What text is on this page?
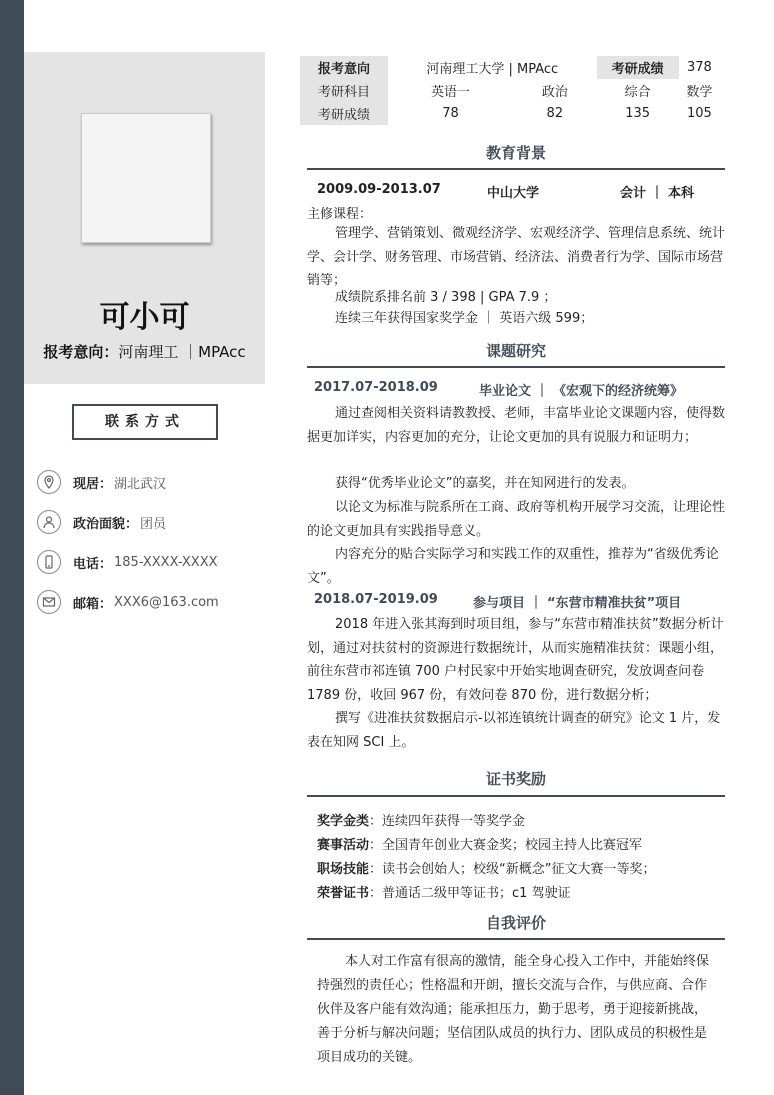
可小可
报考意向：河南理工 ｜MPAcc
联系方式
现居： 湖北武汉
政治面貌： 团员
电话： 185-XXXX-XXXX
邮箱： XXX6@163.com
报考意向	河南理工大学 | MPAcc		考研成绩	378
考研科目	英语一	政治	综合	数学
考研成绩	78	82	135	105
教育背景
2009.09-2013.07	中山大学	会计 ｜ 本科
主修课程：
管理学、营销策划、微观经济学、宏观经济学、管理信息系统、统计学、会计学、财务管理、市场营销、经济法、消费者行为学、国际市场营销等；
成绩院系排名前 3 / 398 | GPA 7.9 ；
连续三年获得国家奖学金 ｜ 英语六级 599；
课题研究
2017.07-2018.09	毕业论文 ｜ 《宏观下的经济统筹》
通过查阅相关资料请教教授、老师，丰富毕业论文课题内容，使得数据更加详实，内容更加的充分，让论文更加的具有说服力和证明力；
获得“优秀毕业论文”的嘉奖，并在知网进行的发表。
以论文为标准与院系所在工商、政府等机构开展学习交流，让理论性的论文更加具有实践指导意义。
内容充分的贴合实际学习和实践工作的双重性，推荐为“省级优秀论文”。
2018.07-2019.09	参与项目 ｜ “东营市精准扶贫”项目
2018 年进入张其海到时项目组，参与“东营市精准扶贫”数据分析计划，通过对扶贫村的资源进行数据统计，从而实施精准扶贫：课题小组，前往东营市祁连镇 700 户村民家中开始实地调查研究，发放调查问卷 1789 份，收回 967 份，有效问卷 870 份，进行数据分析；
撰写《进准扶贫数据启示-以祁连镇统计调查的研究》论文 1 片，发表在知网 SCI 上。
证书奖励
奖学金类：连续四年获得一等奖学金
赛事活动：全国青年创业大赛金奖；校园主持人比赛冠军
职场技能：读书会创始人；校级“新概念”征文大赛一等奖；
荣誉证书：普通话二级甲等证书；c1 驾驶证
自我评价
本人对工作富有很高的激情，能全身心投入工作中，并能始终保持强烈的责任心；性格温和开朗，擅长交流与合作，与供应商、合作伙伴及客户能有效沟通；能承担压力，勤于思考，勇于迎接新挑战，善于分析与解决问题；坚信团队成员的执行力、团队成员的积极性是项目成功的关键。
